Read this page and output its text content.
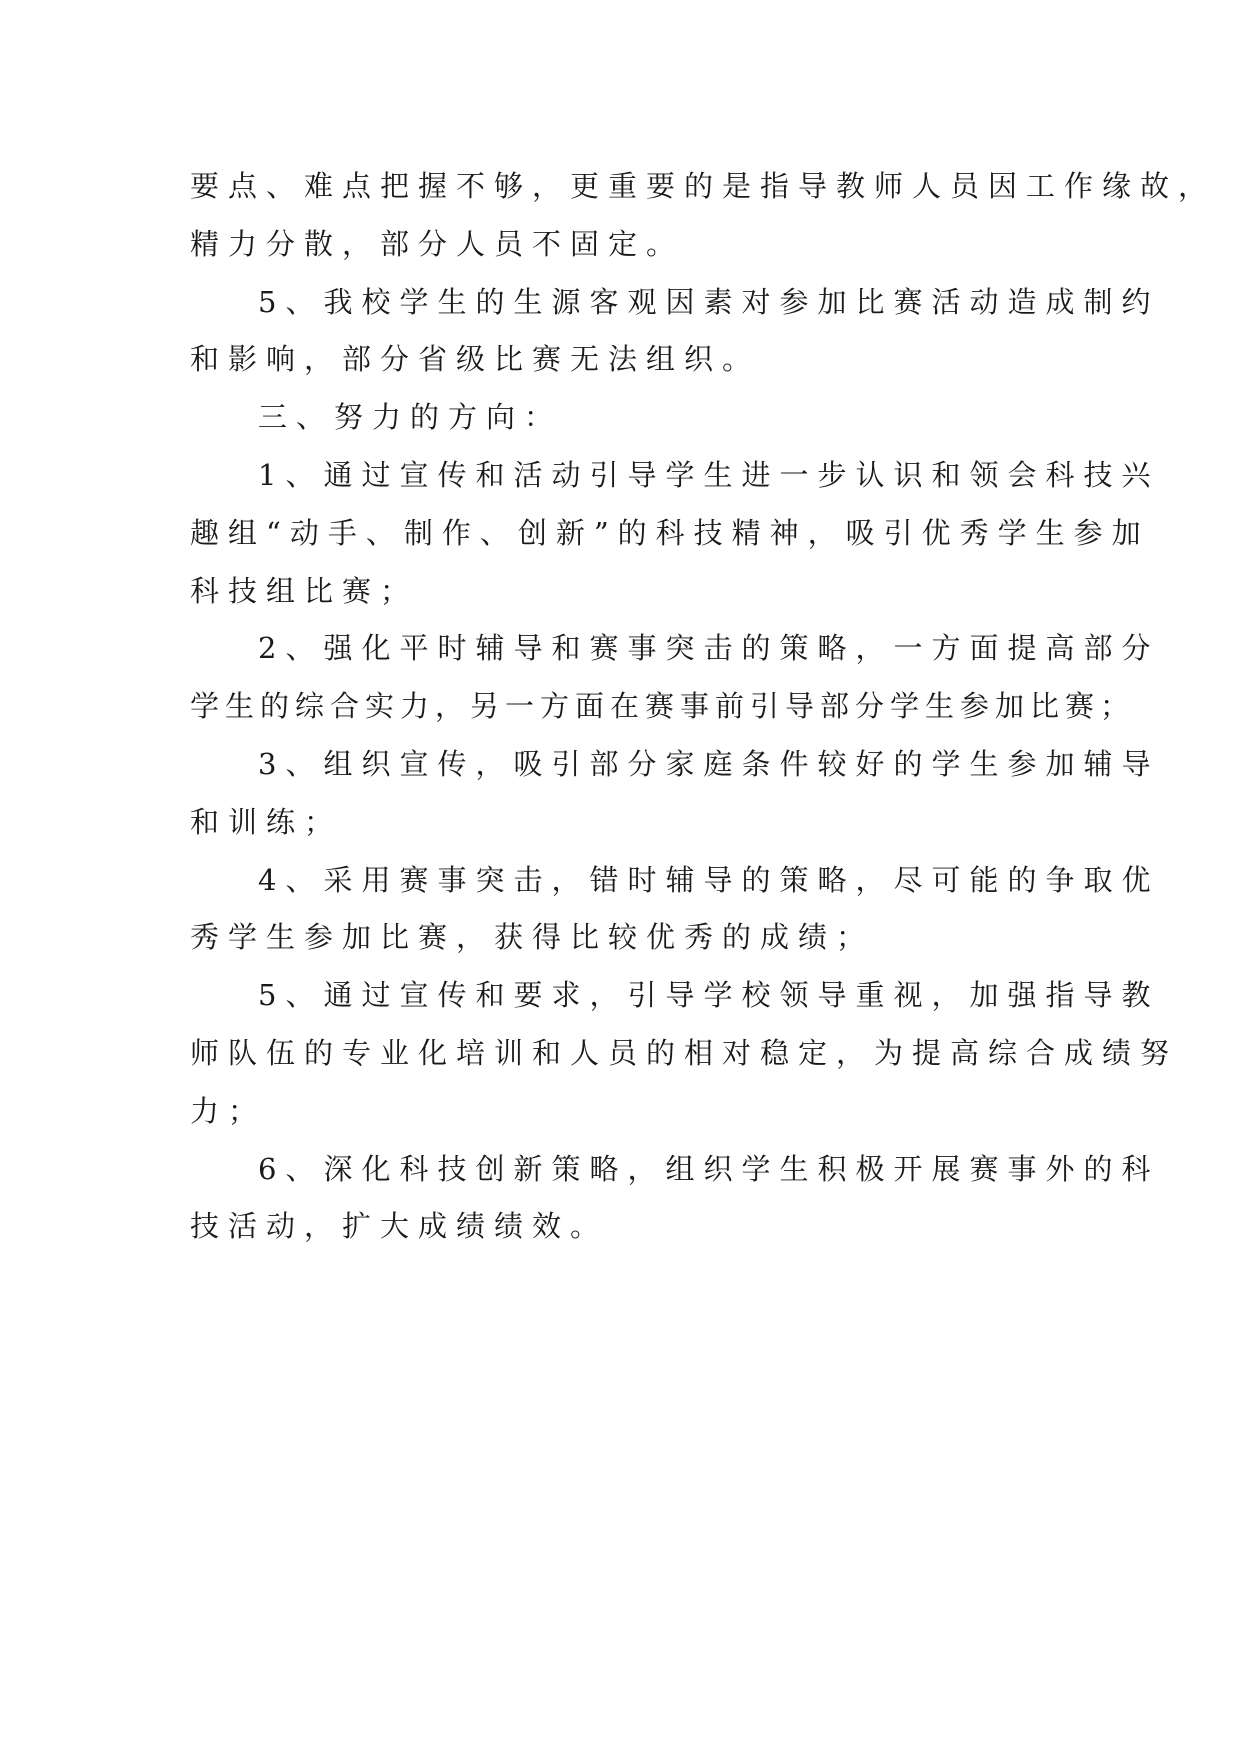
要点、难点把握不够，更重要的是指导教师人员因工作缘故，
精力分散，部分人员不固定。
5、我校学生的生源客观因素对参加比赛活动造成制约
和影响，部分省级比赛无法组织。
三、努力的方向：
1、通过宣传和活动引导学生进一步认识和领会科技兴
趣组“动手、制作、创新”的科技精神，吸引优秀学生参加
科技组比赛；
2、强化平时辅导和赛事突击的策略，一方面提高部分
学生的综合实力，另一方面在赛事前引导部分学生参加比赛；
3、组织宣传，吸引部分家庭条件较好的学生参加辅导
和训练；
4、采用赛事突击，错时辅导的策略，尽可能的争取优
秀学生参加比赛，获得比较优秀的成绩；
5、通过宣传和要求，引导学校领导重视，加强指导教
师队伍的专业化培训和人员的相对稳定，为提高综合成绩努
力；
6、深化科技创新策略，组织学生积极开展赛事外的科
技活动，扩大成绩绩效。
